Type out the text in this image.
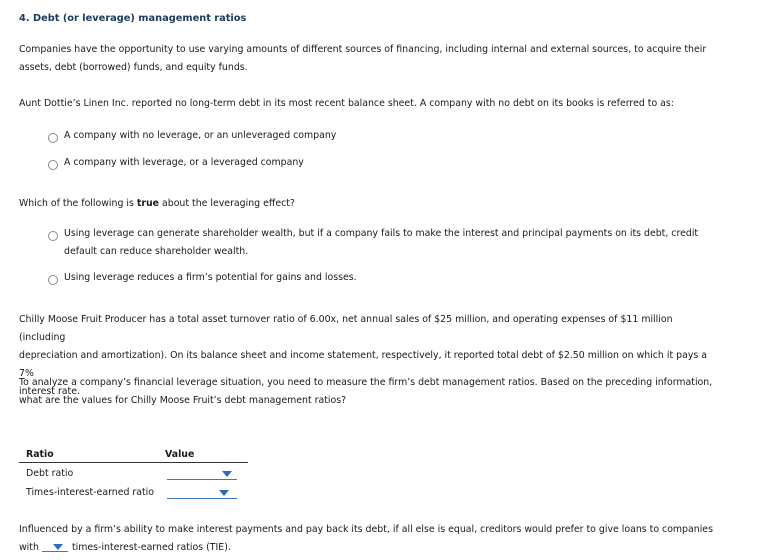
4. Debt (or leverage) management ratios
Companies have the opportunity to use varying amounts of different sources of financing, including internal and external sources, to acquire their
assets, debt (borrowed) funds, and equity funds.
Aunt Dottie’s Linen Inc. reported no long-term debt in its most recent balance sheet. A company with no debt on its books is referred to as:
A company with no leverage, or an unleveraged company
A company with leverage, or a leveraged company
Which of the following is true about the leveraging effect?
Using leverage can generate shareholder wealth, but if a company fails to make the interest and principal payments on its debt, credit
default can reduce shareholder wealth.
Using leverage reduces a firm’s potential for gains and losses.
Chilly Moose Fruit Producer has a total asset turnover ratio of 6.00x, net annual sales of $25 million, and operating expenses of $11 million (including
depreciation and amortization). On its balance sheet and income statement, respectively, it reported total debt of $2.50 million on which it pays a 7%
interest rate.
To analyze a company’s financial leverage situation, you need to measure the firm’s debt management ratios. Based on the preceding information,
what are the values for Chilly Moose Fruit’s debt management ratios?
Ratio	Value
Debt ratio
Times-interest-earned ratio
Influenced by a firm’s ability to make interest payments and pay back its debt, if all else is equal, creditors would prefer to give loans to companies
with	times-interest-earned ratios (TIE).
